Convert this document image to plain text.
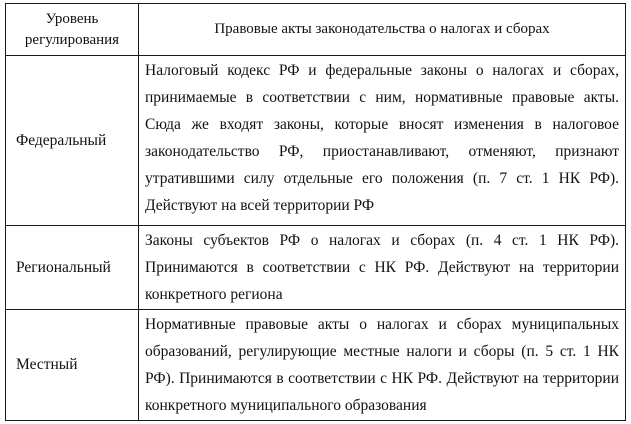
Уровень регулирования	Правовые акты законодательства о налогах и сборах
Федеральный	Налоговый кодекс РФ и федеральные законы о налогах и сборах, принимаемые в соответствии с ним, нормативные правовые акты. Сюда же входят законы, которые вносят изменения в налоговое законодательство РФ, приостанавливают, отменяют, признают утратившими силу отдельные его положения (п. 7 ст. 1 НК РФ). Действуют на всей территории РФ
Региональный	Законы субъектов РФ о налогах и сборах (п. 4 ст. 1 НК РФ). Принимаются в соответствии с НК РФ. Действуют на территории конкретного региона
Местный	Нормативные правовые акты о налогах и сборах муниципальных образований, регулирующие местные налоги и сборы (п. 5 ст. 1 НК РФ). Принимаются в соответствии с НК РФ. Действуют на территории конкретного муниципального образования
